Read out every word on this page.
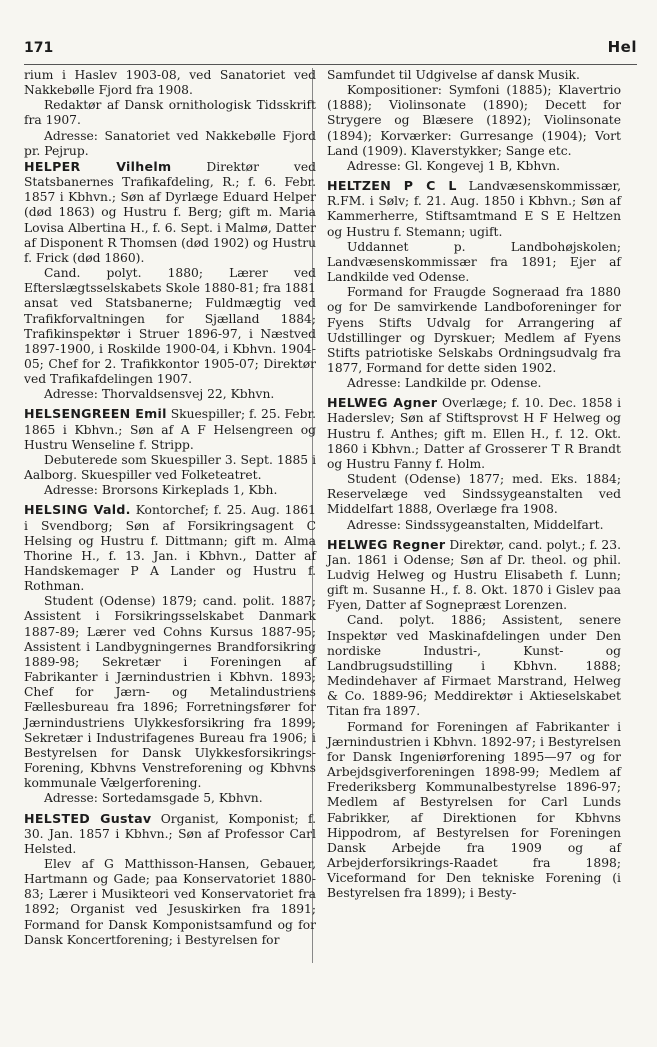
171	Hel

rium i Haslev 1903-08, ved Sanatoriet ved Nakkebølle Fjord fra 1908.

Redaktør af Dansk ornithologisk Tidsskrift fra 1907.

Adresse: Sanatoriet ved Nakkebølle Fjord pr. Pejrup.

HELPER Vilhelm	Direktør ved Statsbanernes Trafikafdeling, R.; f. 6. Febr. 1857 i Kbhvn.; Søn af Dyrlæge Eduard Helper (død 1863) og Hustru f. Berg; gift m. Maria Lovisa Albertina H., f. 6. Sept. i Malmø, Datter af Disponent R Thomsen (død 1902) og Hustru f. Frick (død 1860).

Cand. polyt. 1880; Lærer ved Efterslægtsselskabets Skole 1880-81; fra 1881 ansat ved Statsbanerne; Fuldmægtig ved Trafikforvaltningen for Sjælland 1884; Trafikinspektør i Struer 1896-97, i Næstved 1897-1900, i Roskilde 1900-04, i Kbhvn. 1904-05; Chef for 2. Trafikkontor 1905-07; Direktør ved Trafikafdelingen 1907.

Adresse: Thorvaldsensvej 22, Kbhvn.

HELSENGREEN Emil Skuespiller; f. 25. Febr. 1865 i Kbhvn.; Søn af A F Helsengreen og Hustru Wenseline f. Stripp.

Debuterede som Skuespiller 3. Sept. 1885 i Aalborg. Skuespiller ved Folketeatret.

Adresse: Brorsons Kirkeplads 1, Kbh.

HELSING Vald. Kontorchef; f. 25. Aug. 1861 i Svendborg; Søn af Forsikringsagent C Helsing og Hustru f. Dittmann; gift m. Alma Thorine H., f. 13. Jan. i Kbhvn., Datter af Handskemager P A Lander og Hustru f. Rothman.

Student (Odense) 1879; cand. polit. 1887; Assistent i Forsikringsselskabet Danmark 1887-89; Lærer ved Cohns Kursus 1887-95; Assistent i Landbygningernes Brandforsikring 1889-98; Sekretær i Foreningen af Fabrikanter i Jærnindustrien i Kbhvn. 1893; Chef for Jærn- og Metalindustriens Fællesbureau fra 1896; Forretningsfører for Jærnindustriens Ulykkesforsikring fra 1899; Sekretær i Industrifagenes Bureau fra 1906; i Bestyrelsen for Dansk Ulykkesforsikrings-Forening, Kbhvns Venstreforening og Kbhvns kommunale Vælgerforening.

Adresse: Sortedamsgade 5, Kbhvn.

HELSTED Gustav Organist, Komponist; f. 30. Jan. 1857 i Kbhvn.; Søn af Professor Carl Helsted.

Elev af G Matthisson-Hansen, Gebauer, Hartmann og Gade; paa Konservatoriet 1880-83; Lærer i Musikteori ved Konservatoriet fra 1892; Organist ved Jesuskirken fra 1891; Formand for Dansk Komponistsamfund og for Dansk Koncertforening; i Bestyrelsen for

Samfundet til Udgivelse af dansk Musik.

Kompositioner: Symfoni (1885); Klavertrio (1888); Violinsonate (1890); Decett for Strygere og Blæsere (1892); Violinsonate (1894); Korværker: Gurresange (1904); Vort Land (1909). Klaverstykker; Sange etc.

Adresse: Gl. Kongevej 1 B, Kbhvn.

HELTZEN P C L Landvæsenskommissær, R.FM. i Sølv; f. 21. Aug. 1850 i Kbhvn.; Søn af Kammerherre, Stiftsamtmand E S E Heltzen og Hustru f. Stemann; ugift.

Uddannet p. Landbohøjskolen; Landvæsenskommissær fra 1891; Ejer af Landkilde ved Odense.

Formand for Fraugde Sogneraad fra 1880 og for De samvirkende Landboforeninger for Fyens Stifts Udvalg for Arrangering af Udstillinger og Dyrskuer; Medlem af Fyens Stifts patriotiske Selskabs Ordningsudvalg fra 1877, Formand for dette siden 1902.

Adresse: Landkilde pr. Odense.

HELWEG Agner Overlæge; f. 10. Dec. 1858 i Haderslev; Søn af Stiftsprovst H F Helweg og Hustru f. Anthes; gift m. Ellen H., f. 12. Okt. 1860 i Kbhvn.; Datter af Grosserer T R Brandt og Hustru Fanny f. Holm.

Student (Odense) 1877; med. Eks. 1884; Reservelæge ved Sindssygeanstalten ved Middelfart 1888, Overlæge fra 1908.

Adresse: Sindssygeanstalten, Middelfart.

HELWEG Regner Direktør, cand. polyt.; f. 23. Jan. 1861 i Odense; Søn af Dr. theol. og phil. Ludvig Helweg og Hustru Elisabeth f. Lunn; gift m. Susanne H., f. 8. Okt. 1870 i Gislev paa Fyen, Datter af Sognepræst Lorenzen.

Cand. polyt. 1886; Assistent, senere Inspektør ved Maskinafdelingen under Den nordiske Industri-, Kunst- og Landbrugsudstilling i Kbhvn. 1888; Medindehaver af Firmaet Marstrand, Helweg & Co. 1889-96; Meddirektør i Aktieselskabet Titan fra 1897.

Formand for Foreningen af Fabrikanter i Jærnindustrien i Kbhvn. 1892-97; i Bestyrelsen for Dansk Ingeniørforening 1895—97 og for Arbejdsgiverforeningen 1898-99; Medlem af Frederiksberg Kommunalbestyrelse 1896-97; Medlem af Bestyrelsen for Carl Lunds Fabrikker, af Direktionen for Kbhvns Hippodrom, af Bestyrelsen for Foreningen Dansk Arbejde fra 1909 og af Arbejderforsikrings-Raadet fra 1898; Viceformand for Den tekniske Forening (i Bestyrelsen fra 1899); i Besty-
